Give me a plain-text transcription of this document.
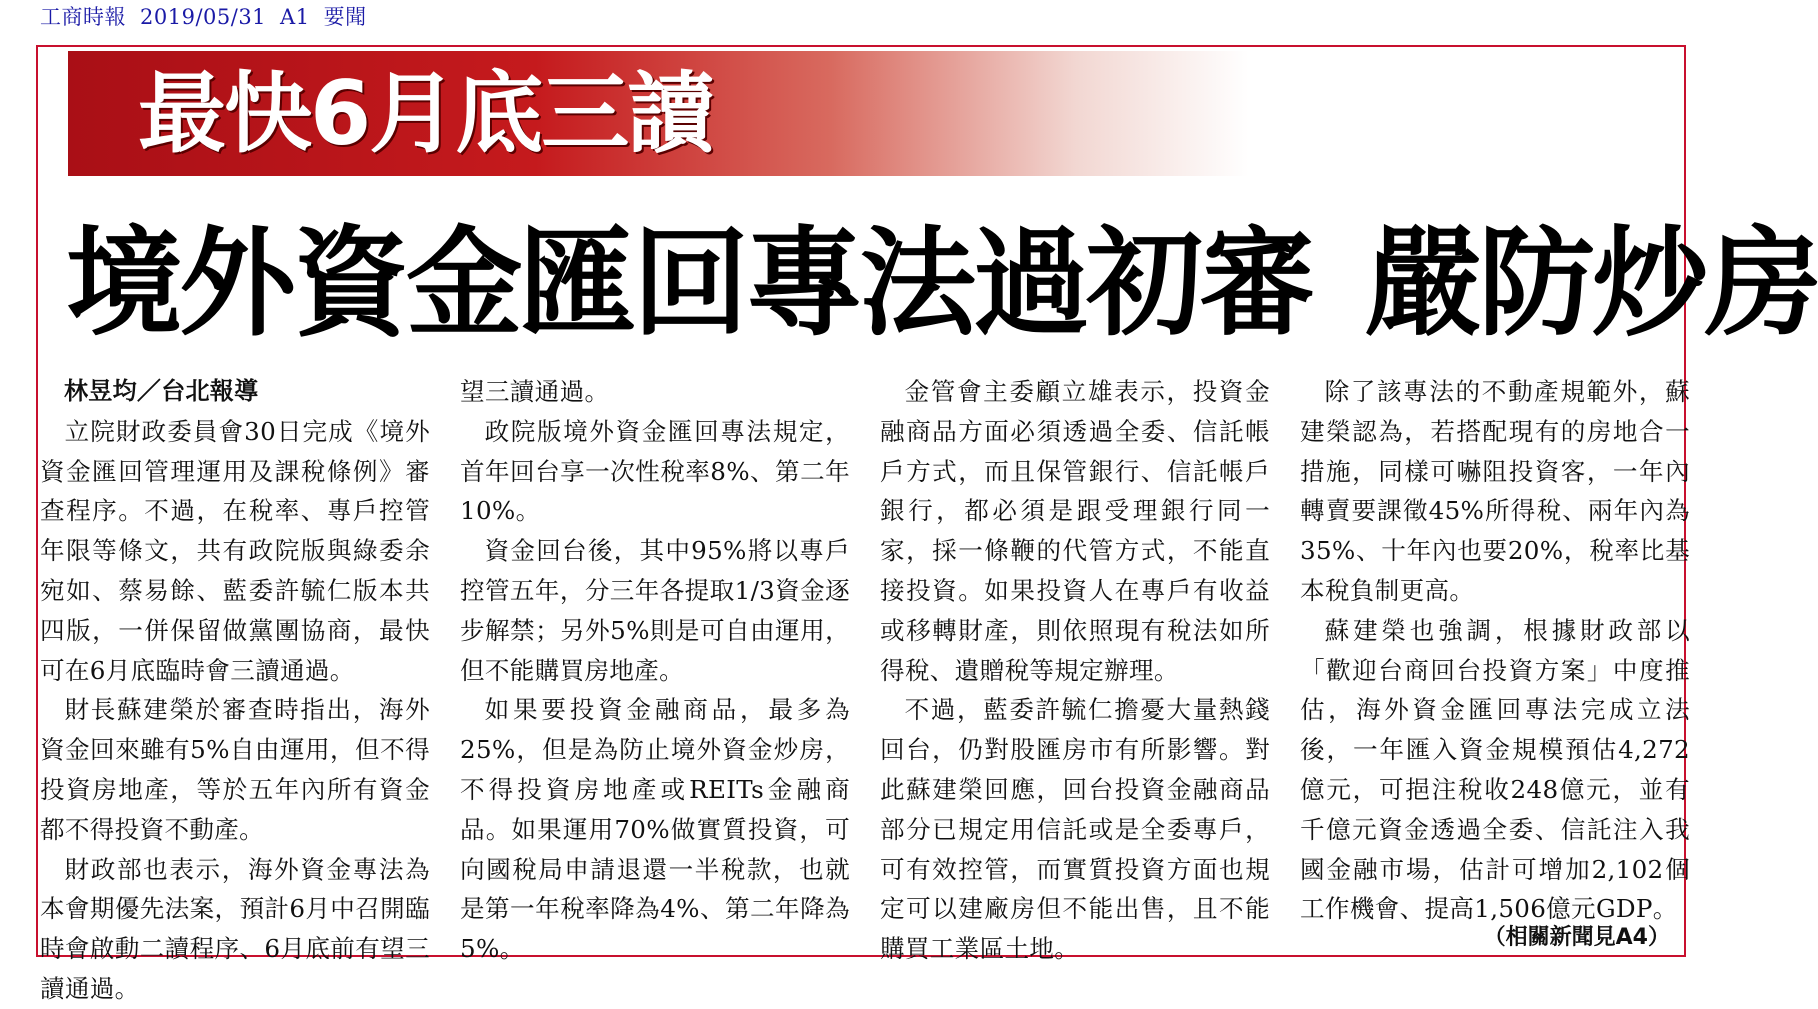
工商時報 2019/05/31 A1 要聞
最快6月底三讀
境外資金匯回專法過初審 嚴防炒房
林昱均／台北報導

立院財政委員會30日完成《境外資金匯回管理運用及課稅條例》審查程序。不過，在稅率、專戶控管年限等條文，共有政院版與綠委余宛如、蔡易餘、藍委許毓仁版本共四版，一併保留做黨團協商，最快可在6月底臨時會三讀通過。

財長蘇建榮於審查時指出，海外資金回來雖有5%自由運用，但不得投資房地產，等於五年內所有資金都不得投資不動產。

財政部也表示，海外資金專法為本會期優先法案，預計6月中召開臨時會啟動二讀程序、6月底前有望三讀通過。

望三讀通過。

政院版境外資金匯回專法規定，首年回台享一次性稅率8%、第二年10%。

資金回台後，其中95%將以專戶控管五年，分三年各提取1/3資金逐步解禁；另外5%則是可自由運用，但不能購買房地產。

如果要投資金融商品，最多為25%，但是為防止境外資金炒房，不得投資房地產或REITs金融商品。如果運用70%做實質投資，可向國稅局申請退還一半稅款，也就是第一年稅率降為4%、第二年降為5%。

金管會主委顧立雄表示，投資金融商品方面必須透過全委、信託帳戶方式，而且保管銀行、信託帳戶銀行，都必須是跟受理銀行同一家，採一條鞭的代管方式，不能直接投資。如果投資人在專戶有收益或移轉財產，則依照現有稅法如所得稅、遺贈稅等規定辦理。

不過，藍委許毓仁擔憂大量熱錢回台，仍對股匯房市有所影響。對此蘇建榮回應，回台投資金融商品部分已規定用信託或是全委專戶，可有效控管，而實質投資方面也規定可以建廠房但不能出售，且不能購買工業區土地。

除了該專法的不動產規範外，蘇建榮認為，若搭配現有的房地合一措施，同樣可嚇阻投資客，一年內轉賣要課徵45%所得稅、兩年內為35%、十年內也要20%，稅率比基本稅負制更高。

蘇建榮也強調，根據財政部以「歡迎台商回台投資方案」中度推估，海外資金匯回專法完成立法後，一年匯入資金規模預估4,272億元，可挹注稅收248億元，並有千億元資金透過全委、信託注入我國金融市場，估計可增加2,102個工作機會、提高1,506億元GDP。

（相關新聞見A4）
